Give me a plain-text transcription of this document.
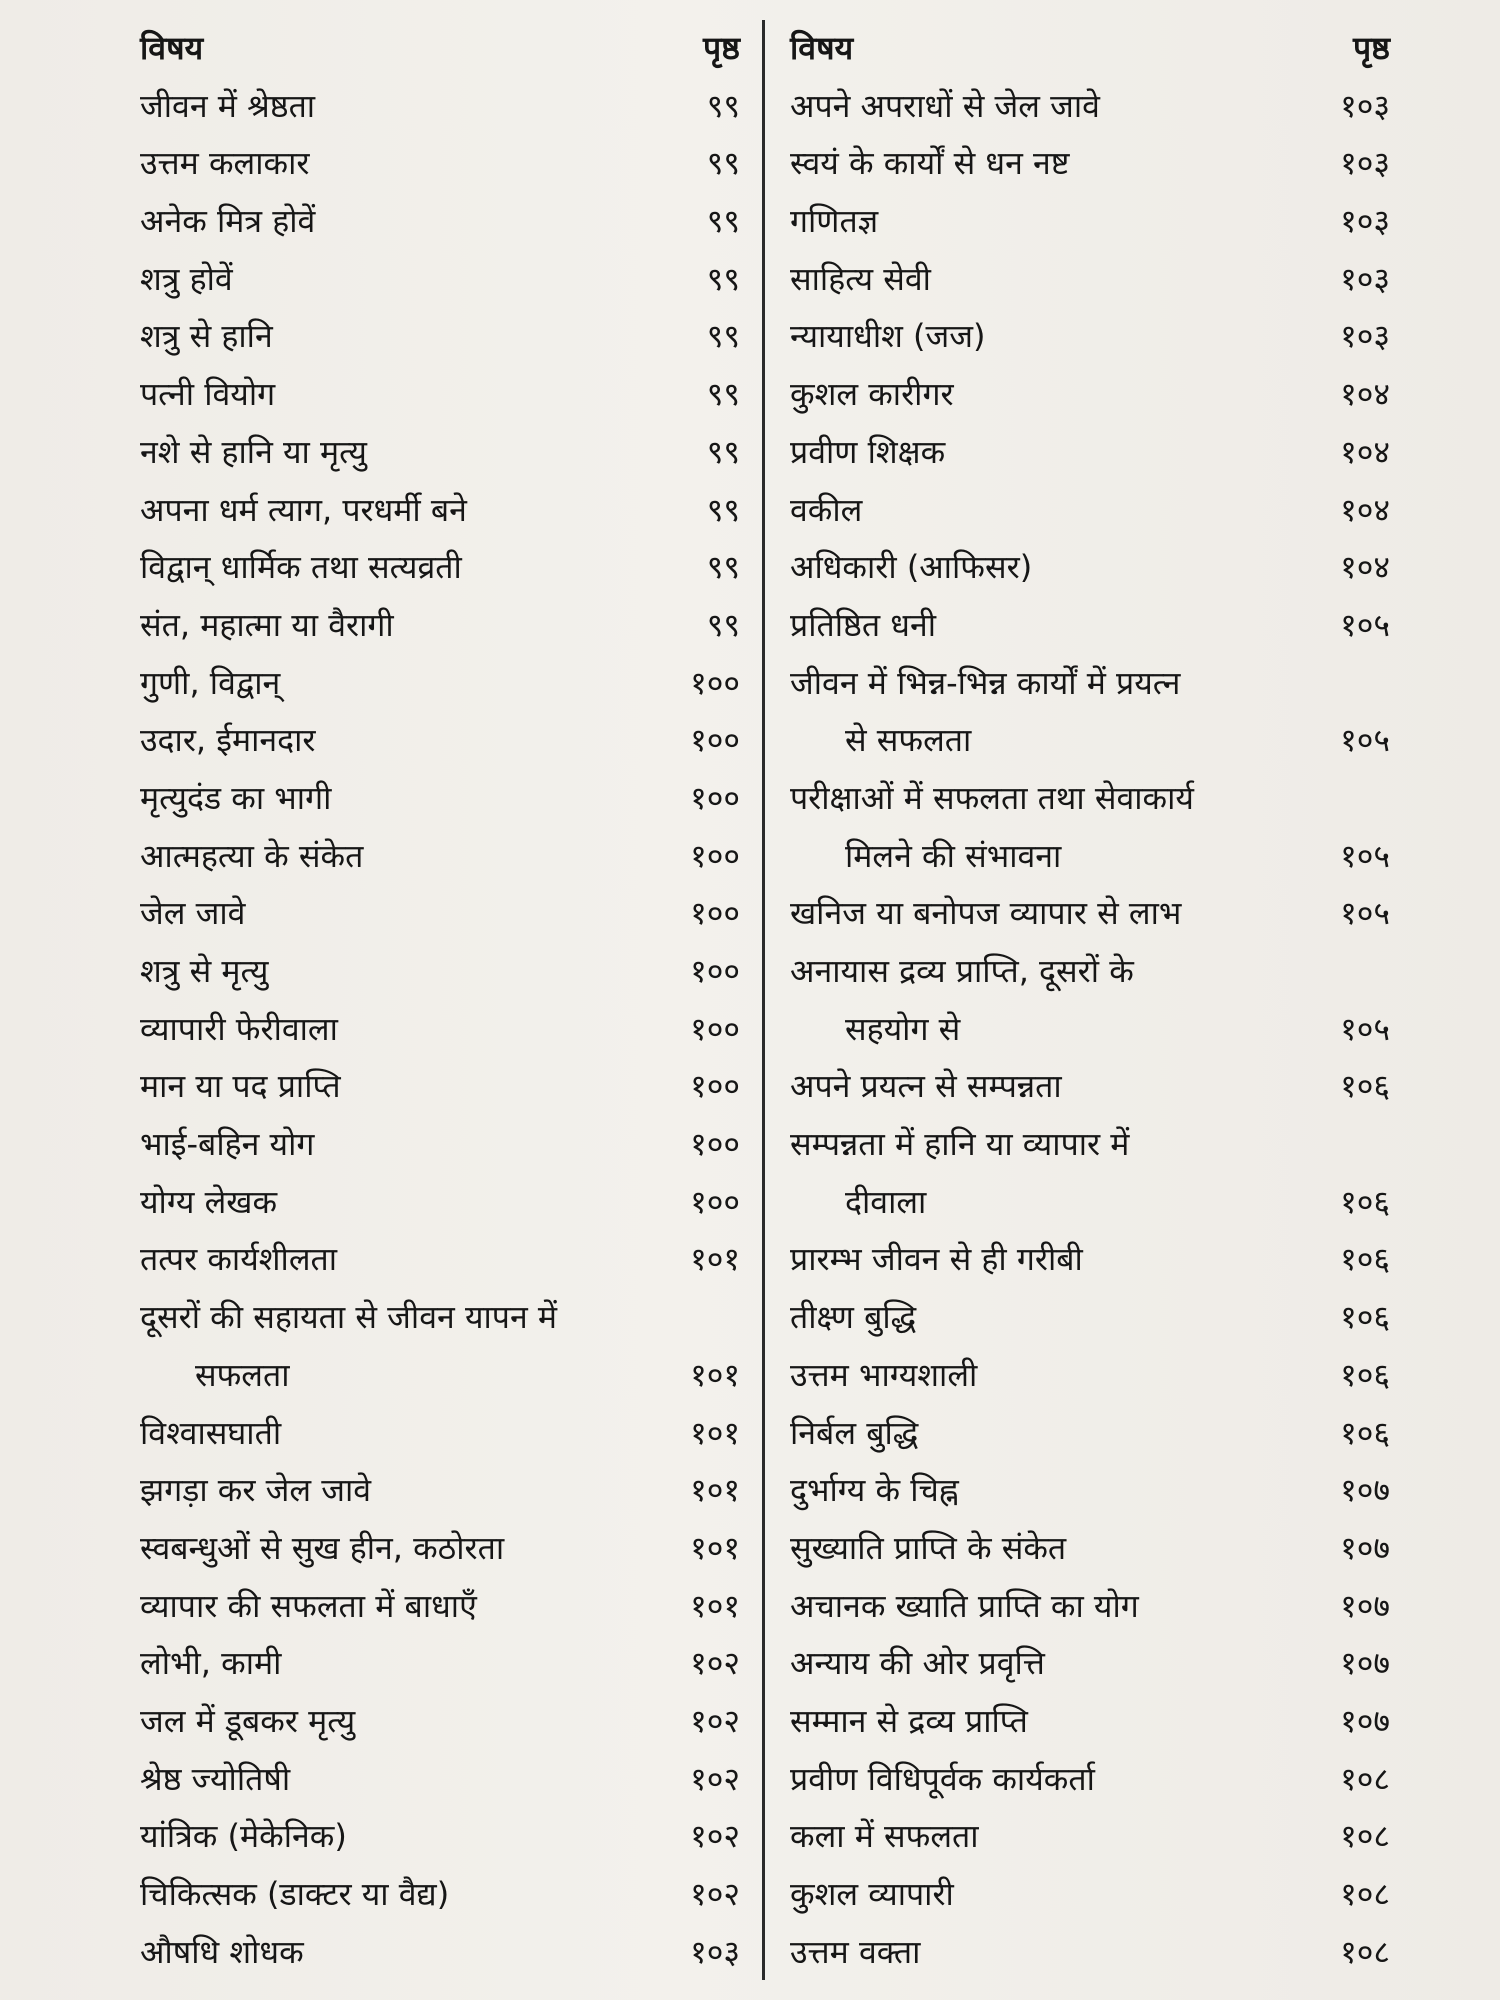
विषय	पृष्ठ
जीवन में श्रेष्ठता	९९
उत्तम कलाकार	९९
अनेक मित्र होवें	९९
शत्रु होवें	९९
शत्रु से हानि	९९
पत्नी वियोग	९९
नशे से हानि या मृत्यु	९९
अपना धर्म त्याग, परधर्मी बने	९९
विद्वान् धार्मिक तथा सत्यव्रती	९९
संत, महात्मा या वैरागी	९९
गुणी, विद्वान्	१००
उदार, ईमानदार	१००
मृत्युदंड का भागी	१००
आत्महत्या के संकेत	१००
जेल जावे	१००
शत्रु से मृत्यु	१००
व्यापारी फेरीवाला	१००
मान या पद प्राप्ति	१००
भाई-बहिन योग	१००
योग्य लेखक	१००
तत्पर कार्यशीलता	१०१
दूसरों की सहायता से जीवन यापन में
सफलता	१०१
विश्वासघाती	१०१
झगड़ा कर जेल जावे	१०१
स्वबन्धुओं से सुख हीन, कठोरता	१०१
व्यापार की सफलता में बाधाएँ	१०१
लोभी, कामी	१०२
जल में डूबकर मृत्यु	१०२
श्रेष्ठ ज्योतिषी	१०२
यांत्रिक (मेकेनिक)	१०२
चिकित्सक (डाक्टर या वैद्य)	१०२
औषधि शोधक	१०३
विषय	पृष्ठ
अपने अपराधों से जेल जावे	१०३
स्वयं के कार्यों से धन नष्ट	१०३
गणितज्ञ	१०३
साहित्य सेवी	१०३
न्यायाधीश (जज)	१०३
कुशल कारीगर	१०४
प्रवीण शिक्षक	१०४
वकील	१०४
अधिकारी (आफिसर)	१०४
प्रतिष्ठित धनी	१०५
जीवन में भिन्न-भिन्न कार्यों में प्रयत्न
से सफलता	१०५
परीक्षाओं में सफलता तथा सेवाकार्य
मिलने की संभावना	१०५
खनिज या बनोपज व्यापार से लाभ	१०५
अनायास द्रव्य प्राप्ति, दूसरों के
सहयोग से	१०५
अपने प्रयत्न से सम्पन्नता	१०६
सम्पन्नता में हानि या व्यापार में
दीवाला	१०६
प्रारम्भ जीवन से ही गरीबी	१०६
तीक्ष्ण बुद्धि	१०६
उत्तम भाग्यशाली	१०६
निर्बल बुद्धि	१०६
दुर्भाग्य के चिह्न	१०७
सुख्याति प्राप्ति के संकेत	१०७
अचानक ख्याति प्राप्ति का योग	१०७
अन्याय की ओर प्रवृत्ति	१०७
सम्मान से द्रव्य प्राप्ति	१०७
प्रवीण विधिपूर्वक कार्यकर्ता	१०८
कला में सफलता	१०८
कुशल व्यापारी	१०८
उत्तम वक्ता	१०८
